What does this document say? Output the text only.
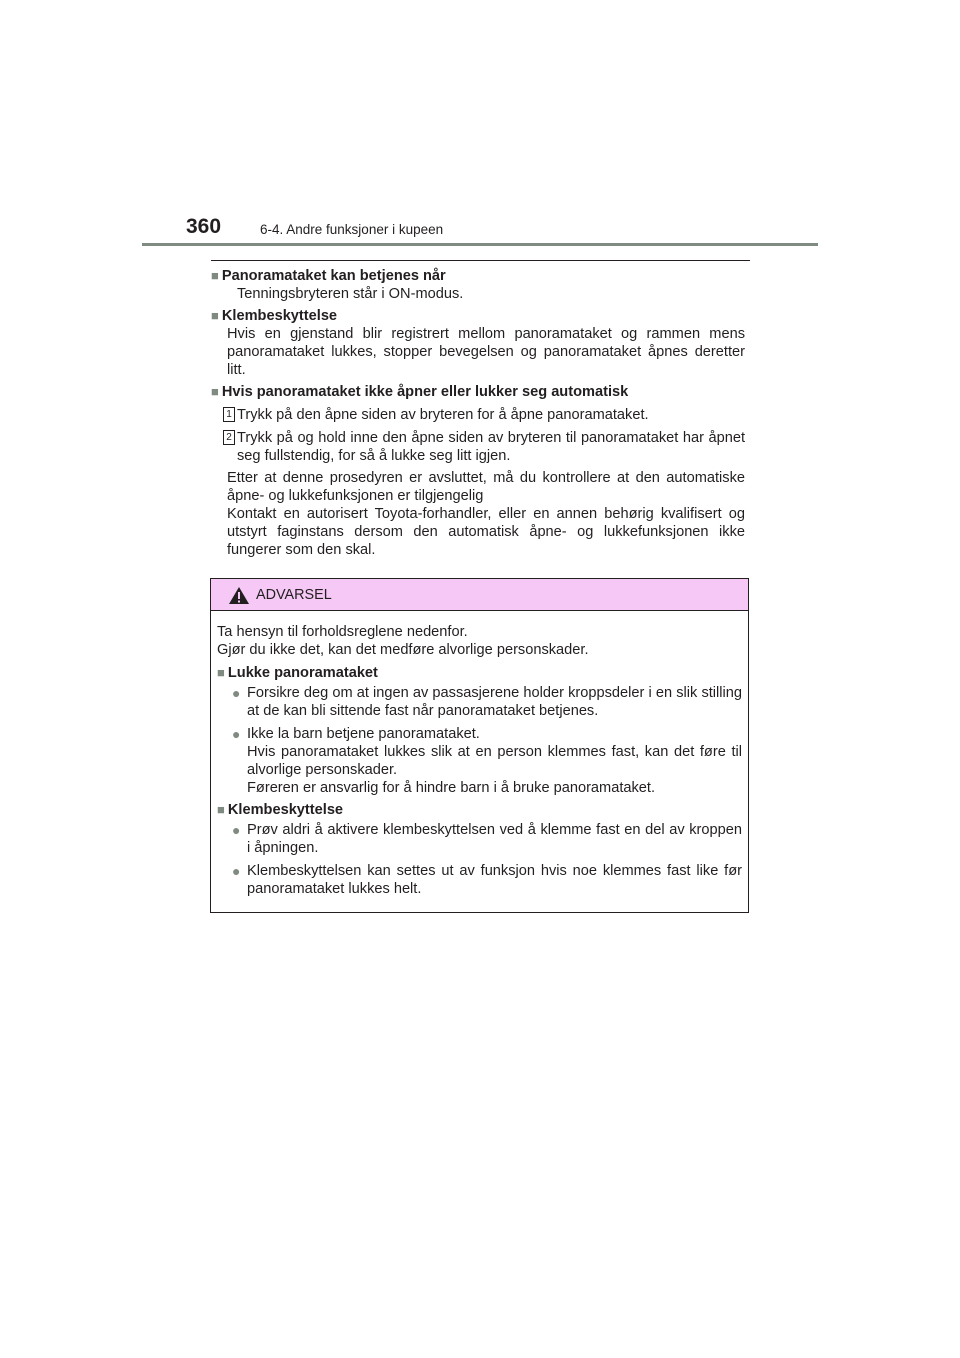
360	6-4. Andre funksjoner i kupeen
■ Panoramataket kan betjenes når
Tenningsbryteren står i ON-modus.
■ Klembeskyttelse
Hvis en gjenstand blir registrert mellom panoramataket og rammen mens panoramataket lukkes, stopper bevegelsen og panoramataket åpnes deretter litt.
■ Hvis panoramataket ikke åpner eller lukker seg automatisk
1 Trykk på den åpne siden av bryteren for å åpne panoramataket.
2 Trykk på og hold inne den åpne siden av bryteren til panoramataket har åpnet seg fullstendig, for så å lukke seg litt igjen.
Etter at denne prosedyren er avsluttet, må du kontrollere at den automatiske åpne- og lukkefunksjonen er tilgjengelig
Kontakt en autorisert Toyota-forhandler, eller en annen behørig kvalifisert og utstyrt faginstans dersom den automatisk åpne- og lukkefunksjonen ikke fungerer som den skal.
ADVARSEL
Ta hensyn til forholdsreglene nedenfor.
Gjør du ikke det, kan det medføre alvorlige personskader.
■ Lukke panoramataket
● Forsikre deg om at ingen av passasjerene holder kroppsdeler i en slik stilling at de kan bli sittende fast når panoramataket betjenes.
● Ikke la barn betjene panoramataket.
Hvis panoramataket lukkes slik at en person klemmes fast, kan det føre til alvorlige personskader.
Føreren er ansvarlig for å hindre barn i å bruke panoramataket.
■ Klembeskyttelse
● Prøv aldri å aktivere klembeskyttelsen ved å klemme fast en del av kroppen i åpningen.
● Klembeskyttelsen kan settes ut av funksjon hvis noe klemmes fast like før panoramataket lukkes helt.
